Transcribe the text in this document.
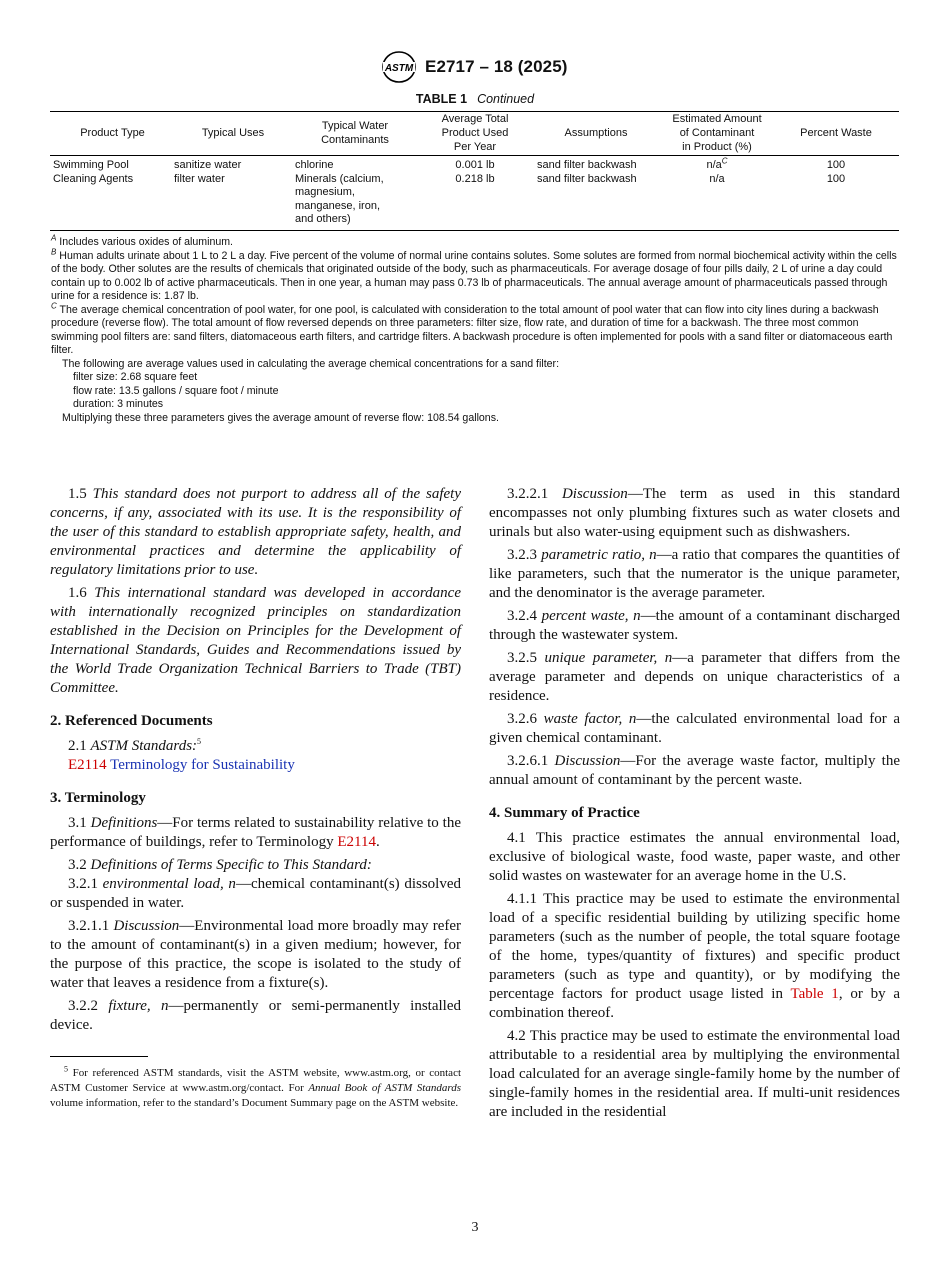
ASTM E2717 – 18 (2025)
TABLE 1 Continued
Product Type	Typical Uses
Typical Water
Contaminants
Average Total
Product Used
Per Year
Assumptions
Estimated Amount
of Contaminant
in Product (%)
Percent Waste
Swimming Pool
Cleaning Agents
sanitize water
filter water
chlorine
Minerals (calcium,
magnesium,
manganese, iron,
and others)
0.001 lb
0.218 lb
sand filter backwash
sand filter backwash
$n/a^C$
n/a
100
100

$^A$ Includes various oxides of aluminum.

$^B$ Human adults urinate about 1 L to 2 L a day. Five percent of the volume of normal urine contains solutes. Some solutes are formed from normal biochemical activity within the cells of the body. Other solutes are the results of chemicals that originated outside of the body, such as pharmaceuticals. For average dosage of four pills daily, 2 L of urine a day could contain up to 0.002 lb of active pharmaceuticals. Then in one year, a human may pass 0.73 lb of pharmaceuticals. The annual average amount of pharmaceuticals passed through urine for a residence is: 1.87 lb.

$^C$ The average chemical concentration of pool water, for one pool, is calculated with consideration to the total amount of pool water that can flow into city lines during a backwash procedure (reverse flow). The total amount of flow reversed depends on three parameters: filter size, flow rate, and duration of time for a backwash. The three most common swimming pool filters are: sand filters, diatomaceous earth filters, and cartridge filters. A backwash procedure is often implemented for pools with a sand filter or diatomaceous earth filter.

The following are average values used in calculating the average chemical concentrations for a sand filter:

filter size: 2.68 square feet

flow rate: 13.5 gallons / square foot / minute

duration: 3 minutes

Multiplying these three parameters gives the average amount of reverse flow: 108.54 gallons.

1.5 This standard does not purport to address all of the safety concerns, if any, associated with its use. It is the responsibility of the user of this standard to establish appropriate safety, health, and environmental practices and determine the applicability of regulatory limitations prior to use.

1.6 This international standard was developed in accordance with internationally recognized principles on standardization established in the Decision on Principles for the Development of International Standards, Guides and Recommendations issued by the World Trade Organization Technical Barriers to Trade (TBT) Committee.

2. Referenced Documents

2.1 ASTM Standards:$^5$

E2114 Terminology for Sustainability

3. Terminology

3.1 Definitions—For terms related to sustainability relative to the performance of buildings, refer to Terminology E2114.

3.2 Definitions of Terms Specific to This Standard:

3.2.1 environmental load, n—chemical contaminant(s) dissolved or suspended in water.

3.2.1.1 Discussion—Environmental load more broadly may refer to the amount of contaminant(s) in a given medium; however, for the purpose of this practice, the scope is isolated to the study of water that leaves a residence from a fixture(s).

3.2.2 fixture, n—permanently or semi-permanently installed device.

$^5$ For referenced ASTM standards, visit the ASTM website, www.astm.org, or contact ASTM Customer Service at www.astm.org/contact. For Annual Book of ASTM Standards volume information, refer to the standard’s Document Summary page on the ASTM website.

3.2.2.1 Discussion—The term as used in this standard encompasses not only plumbing fixtures such as water closets and urinals but also water-using equipment such as dishwashers.

3.2.3 parametric ratio, n—a ratio that compares the quantities of like parameters, such that the numerator is the unique parameter, and the denominator is the average parameter.

3.2.4 percent waste, n—the amount of a contaminant discharged through the wastewater system.

3.2.5 unique parameter, n—a parameter that differs from the average parameter and depends on unique characteristics of a residence.

3.2.6 waste factor, n—the calculated environmental load for a given chemical contaminant.

3.2.6.1 Discussion—For the average waste factor, multiply the annual amount of contaminant by the percent waste.

4. Summary of Practice

4.1 This practice estimates the annual environmental load, exclusive of biological waste, food waste, paper waste, and other solid wastes on wastewater for an average home in the U.S.

4.1.1 This practice may be used to estimate the environmental load of a specific residential building by utilizing specific home parameters (such as the number of people, the total square footage of the home, types/quantity of fixtures) and specific product parameters (such as type and quantity), or by modifying the percentage factors for product usage listed in Table 1, or by a combination thereof.

4.2 This practice may be used to estimate the environmental load attributable to a residential area by multiplying the environmental load calculated for an average single-family home by the number of single-family homes in the residential area. If multi-unit residences are included in the residential

3
